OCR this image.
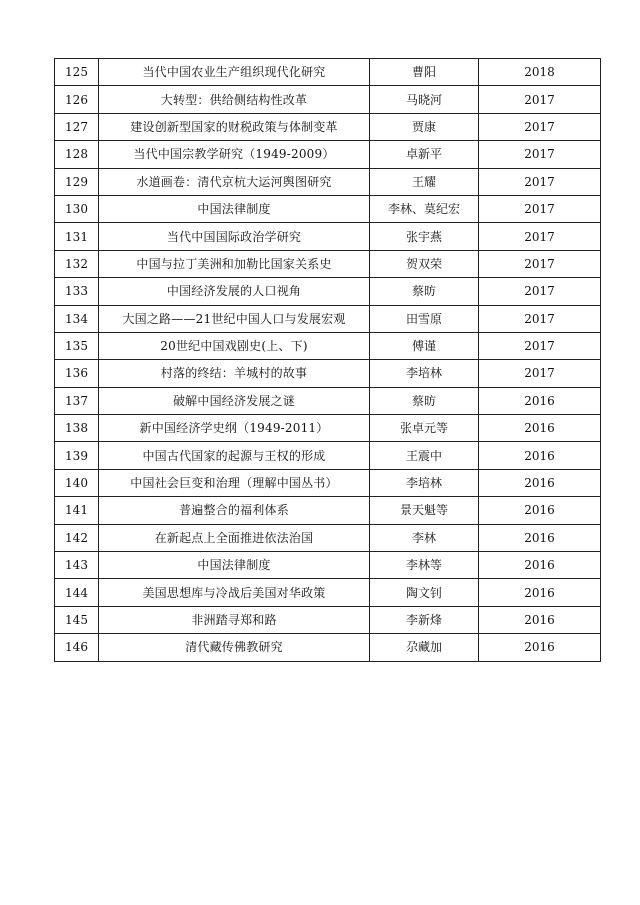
125	当代中国农业生产组织现代化研究	曹阳	2018
126	大转型：供给侧结构性改革	马晓河	2017
127	建设创新型国家的财税政策与体制变革	贾康	2017
128	当代中国宗教学研究（1949-2009）	卓新平	2017
129	水道画卷：清代京杭大运河舆图研究	王耀	2017
130	中国法律制度	李林、莫纪宏	2017
131	当代中国国际政治学研究	张宇燕	2017
132	中国与拉丁美洲和加勒比国家关系史	贺双荣	2017
133	中国经济发展的人口视角	蔡昉	2017
134	大国之路——21世纪中国人口与发展宏观	田雪原	2017
135	20世纪中国戏剧史(上、下)	傅谨	2017
136	村落的终结：羊城村的故事	李培林	2017
137	破解中国经济发展之谜	蔡昉	2016
138	新中国经济学史纲（1949-2011）	张卓元等	2016
139	中国古代国家的起源与王权的形成	王震中	2016
140	中国社会巨变和治理（理解中国丛书）	李培林	2016
141	普遍整合的福利体系	景天魁等	2016
142	在新起点上全面推进依法治国	李林	2016
143	中国法律制度	李林等	2016
144	美国思想库与冷战后美国对华政策	陶文钊	2016
145	非洲踏寻郑和路	李新烽	2016
146	清代藏传佛教研究	尕藏加	2016
